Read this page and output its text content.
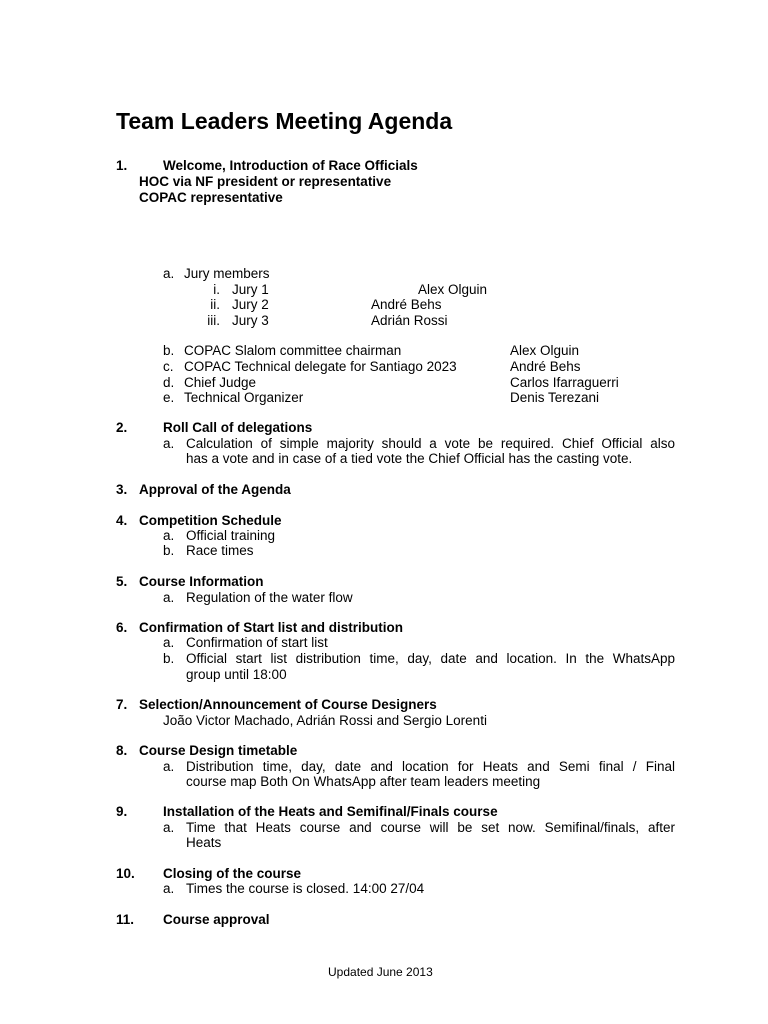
Team Leaders Meeting Agenda
1.	Welcome, Introduction of Race Officials
HOC via NF president or representative
COPAC representative
a. Jury members
i. Jury 1	Alex Olguin
ii. Jury 2	André Behs
iii. Jury 3	Adrián Rossi
b. COPAC Slalom committee chairman	Alex Olguin
c. COPAC Technical delegate for Santiago 2023	André Behs
d. Chief Judge	Carlos Ifarraguerri
e. Technical Organizer	Denis Terezani
2.	Roll Call of delegations
a. Calculation of simple majority should a vote be required. Chief Official also
has a vote and in case of a tied vote the Chief Official has the casting vote.
3. Approval of the Agenda
4. Competition Schedule
a. Official training
b. Race times
5. Course Information
a. Regulation of the water flow
6. Confirmation of Start list and distribution
a. Confirmation of start list
b. Official start list distribution time, day, date and location. In the WhatsApp
group until 18:00
7. Selection/Announcement of Course Designers
João Victor Machado, Adrián Rossi and Sergio Lorenti
8. Course Design timetable
a. Distribution time, day, date and location for Heats and Semi final / Final
course map Both On WhatsApp after team leaders meeting
9.	Installation of the Heats and Semifinal/Finals course
a. Time that Heats course and course will be set now. Semifinal/finals, after
Heats
10. Closing of the course
a. Times the course is closed. 14:00 27/04
11. Course approval
Updated June 2013
